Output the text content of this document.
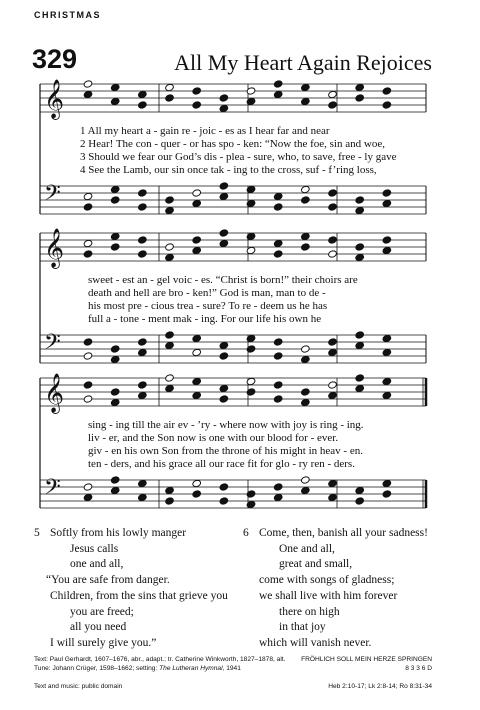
CHRISTMAS
329	All My Heart Again Rejoices
𝄞
𝄢
𝄞
𝄢
𝄞
𝄢
1 All my heart a - gain re - joic - es as I hear far and near
2 Hear! The con - quer - or has spo - ken: “Now the foe, sin and woe,
3 Should we fear our God’s dis - plea - sure, who, to save, free - ly gave
4 See the Lamb, our sin once tak - ing to the cross, suf - f’ring loss,
sweet - est an - gel voic - es. “Christ is born!” their choirs are
death and hell are bro - ken!” God is man, man to de -
his most pre - cious trea - sure? To re - deem us he has
full a - tone - ment mak - ing. For our life his own he
sing - ing till the air ev - ’ry - where now with joy is ring - ing.
liv - er, and the Son now is one with our blood for - ever.
giv - en his own Son from the throne of his might in heav - en.
ten - ders, and his grace all our race fit for glo - ry ren - ders.
5 Softly from his lowly manger
Jesus calls
one and all,
“You are safe from danger.
Children, from the sins that grieve you
you are freed;
all you need
I will surely give you.”
6 Come, then, banish all your sadness!
One and all,
great and small,
come with songs of gladness;
we shall live with him forever
there on high
in that joy
which will vanish never.
Text: Paul Gerhardt, 1607–1676, abr., adapt.; tr. Catherine Winkworth, 1827–1878, alt.
Tune: Johann Crüger, 1598–1662; setting: The Lutheran Hymnal, 1941
FRÖHLICH SOLL MEIN HERZE SPRINGEN
8 3 3 6 D
Text and music: public domain	Heb 2:10-17; Lk 2:8-14; Ro 8:31-34
